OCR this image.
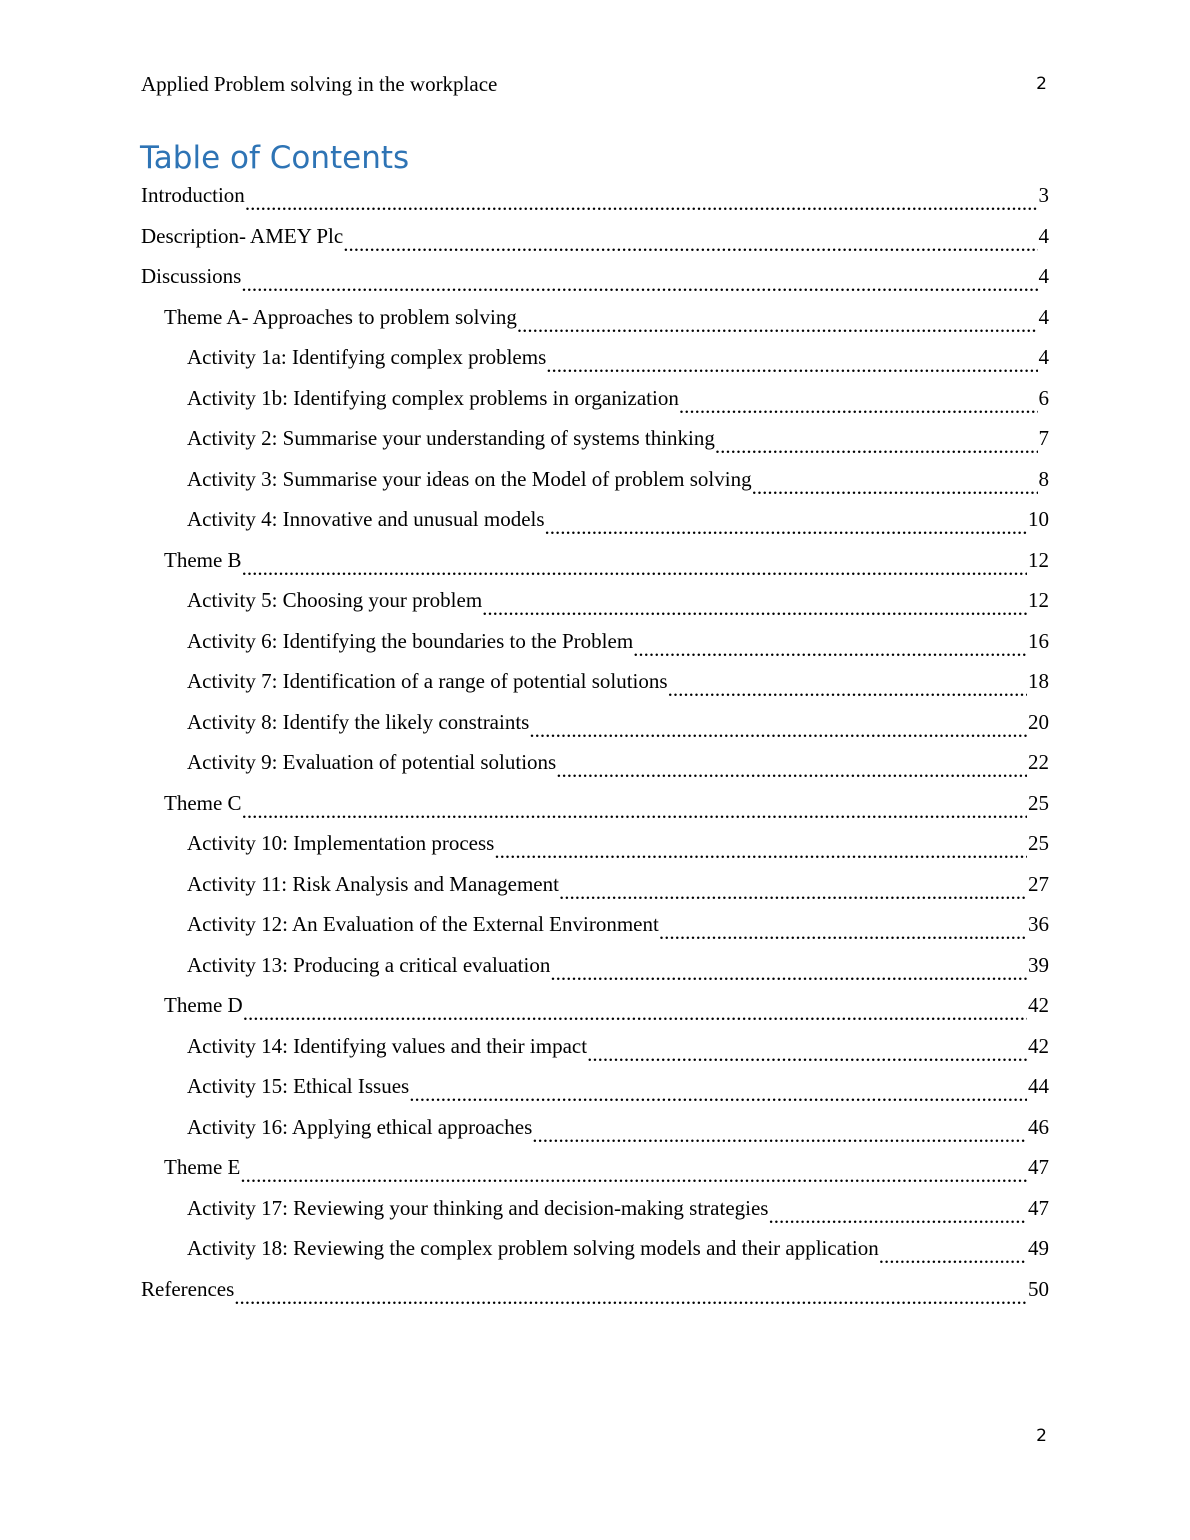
Applied Problem solving in the workplace	2
Table of Contents
Introduction .....	3
Description- AMEY Plc .....	4
Discussions .....	4
Theme A- Approaches to problem solving .....	4
Activity 1a: Identifying complex problems .....	4
Activity 1b: Identifying complex problems in organization .....	6
Activity 2: Summarise your understanding of systems thinking .....	7
Activity 3: Summarise your ideas on the Model of problem solving .....	8
Activity 4: Innovative and unusual models .....	10
Theme B .....	12
Activity 5: Choosing your problem .....	12
Activity 6: Identifying the boundaries to the Problem .....	16
Activity 7: Identification of a range of potential solutions .....	18
Activity 8: Identify the likely constraints .....	20
Activity 9: Evaluation of potential solutions .....	22
Theme C .....	25
Activity 10: Implementation process .....	25
Activity 11: Risk Analysis and Management .....	27
Activity 12: An Evaluation of the External Environment .....	36
Activity 13: Producing a critical evaluation .....	39
Theme D .....	42
Activity 14: Identifying values and their impact .....	42
Activity 15: Ethical Issues .....	44
Activity 16: Applying ethical approaches .....	46
Theme E .....	47
Activity 17: Reviewing your thinking and decision-making strategies .....	47
Activity 18: Reviewing the complex problem solving models and their application .....	49
References .....	50
2
